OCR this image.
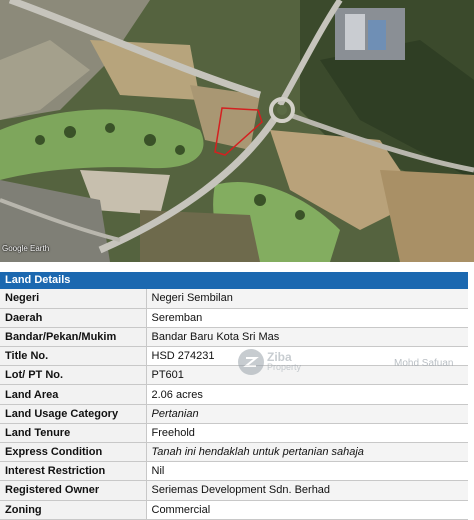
Google Earth
Land Details
Negeri	Negeri Sembilan
Daerah	Seremban
Bandar/Pekan/Mukim	Bandar Baru Kota Sri Mas
Title No.	HSD 274231
Lot/ PT No.	PT601
Land Area	2.06 acres
Land Usage Category	Pertanian
Land Tenure	Freehold
Express Condition	Tanah ini hendaklah untuk pertanian sahaja
Interest Restriction	Nil
Registered Owner	Seriemas Development Sdn. Berhad
Zoning	Commercial
Ziba
Property	Mohd Safuan
